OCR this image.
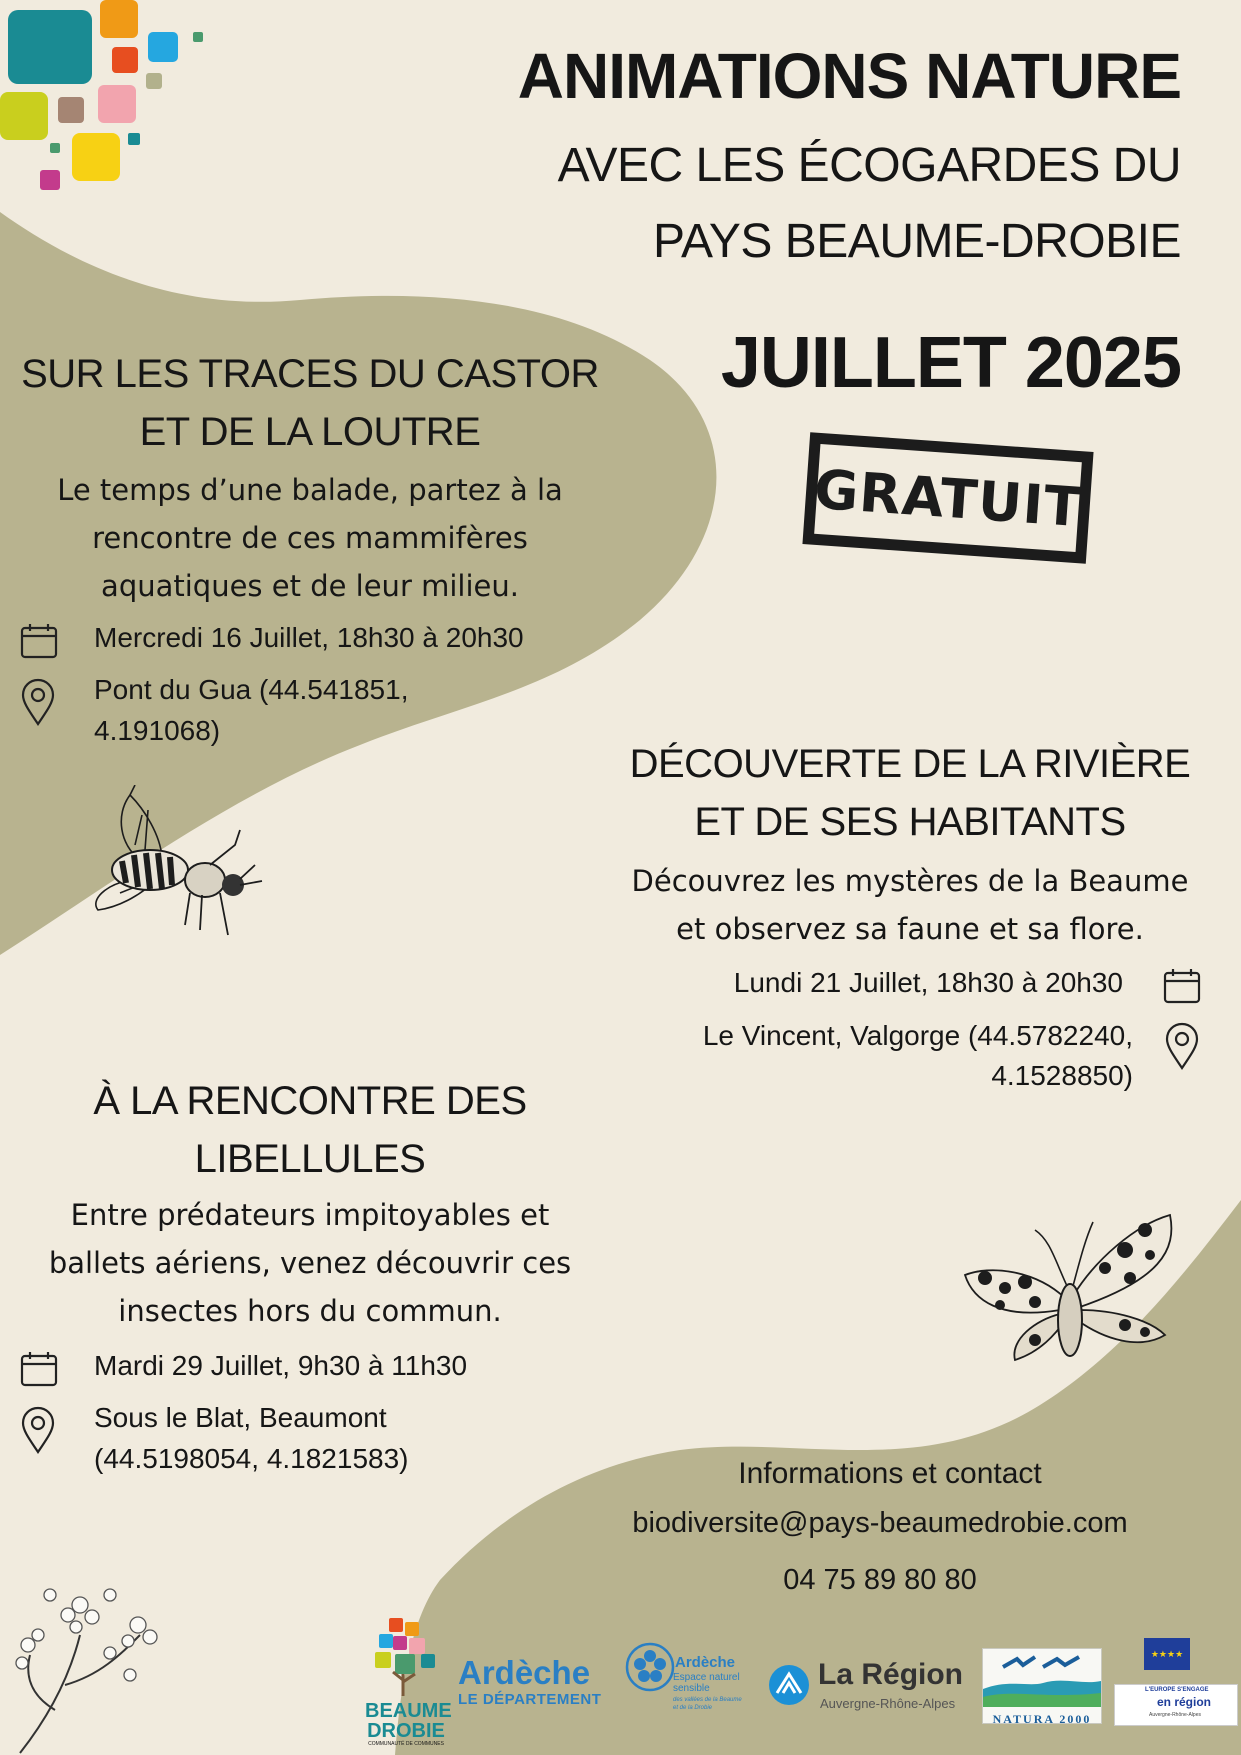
ANIMATIONS NATURE
AVEC LES ÉCOGARDES DU
PAYS BEAUME-DROBIE
JUILLET 2025
GRATUIT
SUR LES TRACES DU CASTOR
ET DE LA LOUTRE
Le temps d’une balade, partez à la
rencontre de ces mammifères
aquatiques et de leur milieu.
Mercredi 16 Juillet, 18h30 à 20h30
Pont du Gua (44.541851,
4.191068)
DÉCOUVERTE DE LA RIVIÈRE
ET DE SES HABITANTS
Découvrez les mystères de la Beaume
et observez sa faune et sa flore.
Lundi 21 Juillet, 18h30 à 20h30
Le Vincent, Valgorge (44.5782240,
4.1528850)
À LA RENCONTRE DES
LIBELLULES
Entre prédateurs impitoyables et
ballets aériens, venez découvrir ces
insectes hors du commun.
Mardi 29 Juillet, 9h30 à 11h30
Sous le Blat, Beaumont
(44.5198054, 4.1821583)	Informations et contact
biodiversite@pays-beaumedrobie.com
04 75 89 80 80
BEAUME
DROBIE
COMMUNAUTÉ DE COMMUNES
Ardèche
LE DÉPARTEMENT
Ardèche
Espace naturel
sensible
des vallées de la Beaume
et de la Drobie
La Région
Auvergne-Rhône-Alpes
NATURA 2000
★★★★
L'EUROPE S'ENGAGE
en région
Auvergne-Rhône-Alpes
